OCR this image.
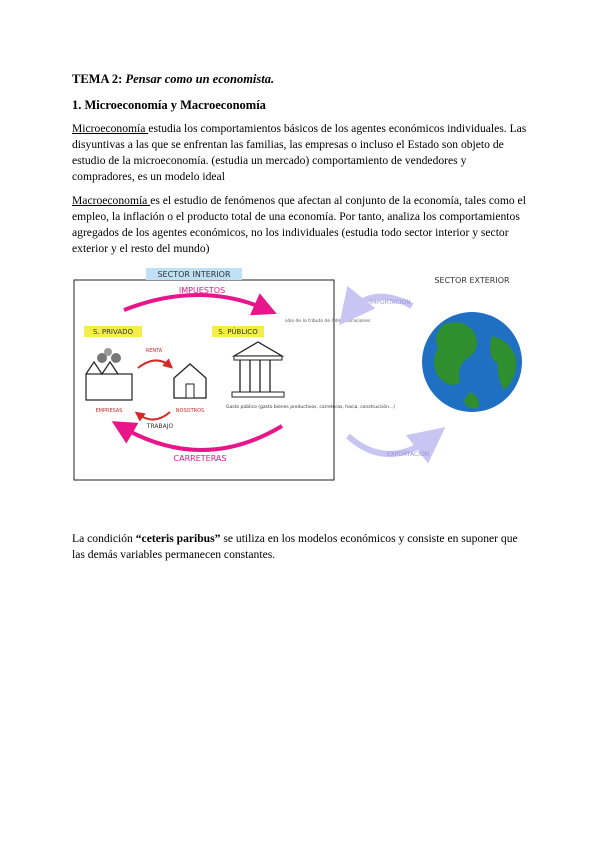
TEMA 2: Pensar como un economista.
1. Microeconomía y Macroeconomía
Microeconomía estudia los comportamientos básicos de los agentes económicos individuales. Las disyuntivas a las que se enfrentan las familias, las empresas o incluso el Estado son objeto de estudio de la microeconomía. (estudia un mercado) comportamiento de vendedores y compradores, es un modelo ideal
Macroeconomía es el estudio de fenómenos que afectan al conjunto de la economía, tales como el empleo, la inflación o el producto total de una economía. Por tanto, analiza los comportamientos agregados de los agentes económicos, no los individuales (estudia todo sector interior y sector exterior y el resto del mundo)
SECTOR INTERIOR
IMPUESTOS
S. PRIVADO	S. PÚBLICO
sólo de lo tributo de Administraciones
EMPRESAS	NOSOTROS
RENTA
TRABAJO
Gasto público (gasto bienes productivos, carreteras, hacia, construcción...)
CARRETERAS
SECTOR EXTERIOR
IMPORTACIÓN
EXPORTACIÓN
La condición “ceteris paribus” se utiliza en los modelos económicos y consiste en suponer que las demás variables permanecen constantes.
